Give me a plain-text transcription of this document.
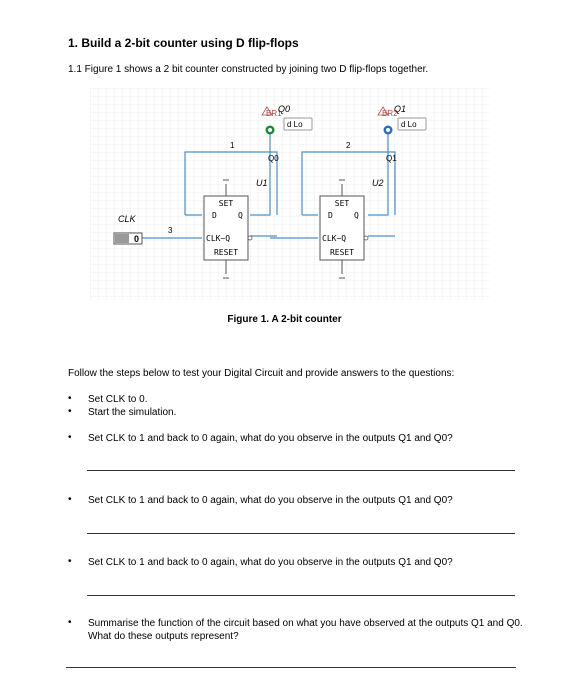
1. Build a 2-bit counter using D flip-flops
1.1 Figure 1 shows a 2 bit counter constructed by joining two D flip-flops together.
SET
D	Q
CLK~Q
RESET
U1
SET
D	Q
CLK~Q
RESET
U2
CLK
0
3
1	2
BR1
Q0
d Lo
Q0
BR2
Q1
d Lo
Q1
Figure 1. A 2-bit counter
Follow the steps below to test your Digital Circuit and provide answers to the questions:
• Set CLK to 0.
• Start the simulation.
• Set CLK to 1 and back to 0 again, what do you observe in the outputs Q1 and Q0?
• Set CLK to 1 and back to 0 again, what do you observe in the outputs Q1 and Q0?
• Set CLK to 1 and back to 0 again, what do you observe in the outputs Q1 and Q0?
• Summarise the function of the circuit based on what you have observed at the outputs Q1 and Q0. What do these outputs represent?
